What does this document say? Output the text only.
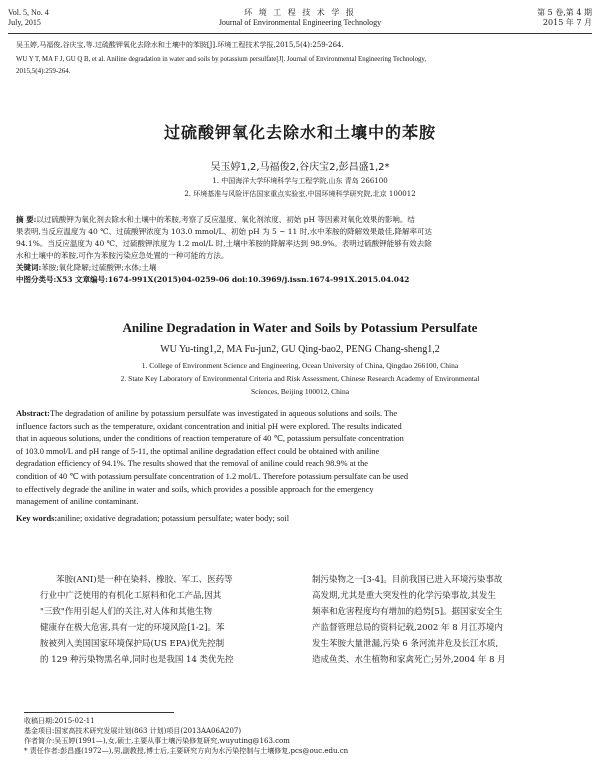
Vol. 5, No. 4
July, 2015
环 境 工 程 技 术 学 报
Journal of Environmental Engineering Technology
第 5 卷,第 4 期
2015 年 7 月
吴玉婷,马福俊,谷庆宝,等.过硫酸钾氧化去除水和土壤中的苯胺[J].环境工程技术学报,2015,5(4):259-264.
WU Y T, MA F J, GU Q B, et al. Aniline degradation in water and soils by potassium persulfate[J]. Journal of Environmental Engineering Technology,
2015,5(4):259-264.
过硫酸钾氧化去除水和土壤中的苯胺
吴玉婷1,2,马福俊2,谷庆宝2,彭昌盛1,2*
1. 中国海洋大学环境科学与工程学院,山东 青岛 266100
2. 环境基准与风险评估国家重点实验室,中国环境科学研究院,北京 100012
摘 要:以过硫酸钾为氧化剂去除水和土壤中的苯胺,考察了反应温度、氧化剂浓度、初始 pH 等因素对氧化效果的影响。结
果表明,当反应温度为 40 ℃、过硫酸钾浓度为 103.0 mmol/L、初始 pH 为 5 ~ 11 时,水中苯胺的降解效果最佳,降解率可达
94.1%。当反应温度为 40 ℃、过硫酸钾浓度为 1.2 mol/L 时,土壤中苯胺的降解率达到 98.9%。表明过硫酸钾能够有效去除
水和土壤中的苯胺,可作为苯胺污染应急处置的一种可能的方法。
关键词:苯胺;氧化降解;过硫酸钾;水体;土壤
中图分类号:X53 文章编号:1674-991X(2015)04-0259-06 doi:10.3969/j.issn.1674-991X.2015.04.042
Aniline Degradation in Water and Soils by Potassium Persulfate
WU Yu-ting1,2, MA Fu-jun2, GU Qing-bao2, PENG Chang-sheng1,2
1. College of Environment Science and Engineering, Ocean University of China, Qingdao 266100, China
2. State Key Laboratory of Environmental Criteria and Risk Assessment, Chinese Research Academy of Environmental
Sciences, Beijing 100012, China
Abstract:The degradation of aniline by potassium persulfate was investigated in aqueous solutions and soils. The
influence factors such as the temperature, oxidant concentration and initial pH were explored. The results indicated
that in aqueous solutions, under the conditions of reaction temperature of 40 ℃, potassium persulfate concentration
of 103.0 mmol/L and pH range of 5-11, the optimal aniline degradation effect could be obtained with aniline
degradation efficiency of 94.1%. The results showed that the removal of aniline could reach 98.9% at the
condition of 40 ℃ with potassium persulfate concentration of 1.2 mol/L. Therefore potassium persulfate can be used
to effectively degrade the aniline in water and soils, which provides a possible approach for the emergency
management of aniline contaminant.
Key words:aniline; oxidative degradation; potassium persulfate; water body; soil
苯胺(ANI)是一种在染料、橡胶、军工、医药等
行业中广泛使用的有机化工原料和化工产品,因其
"三致"作用引起人们的关注,对人体和其他生物
健康存在极大危害,具有一定的环境风险[1-2]。苯
胺被列入美国国家环境保护局(US EPA)优先控制
的 129 种污染物黑名单,同时也是我国 14 类优先控
制污染物之一[3-4]。目前我国已进入环境污染事故
高发期,尤其是重大突发性的化学污染事故,其发生
频率和危害程度均有增加的趋势[5]。据国家安全生
产监督管理总局的资料记载,2002 年 8 月江苏境内
发生苯胺大量泄漏,污染 6 条河流并危及长江水质,
造成鱼类、水生植物和家禽死亡;另外,2004 年 8 月
收稿日期:2015-02-11
基金项目:国家高技术研究发展计划(863 计划)项目(2013AA06A207)
作者简介:吴玉婷(1991—),女,硕士,主要从事土壤污染修复研究,wuyuting@163.com
* 责任作者:彭昌盛(1972—),男,副教授,博士后,主要研究方向为水污染控制与土壤修复,pcs@ouc.edu.cn
